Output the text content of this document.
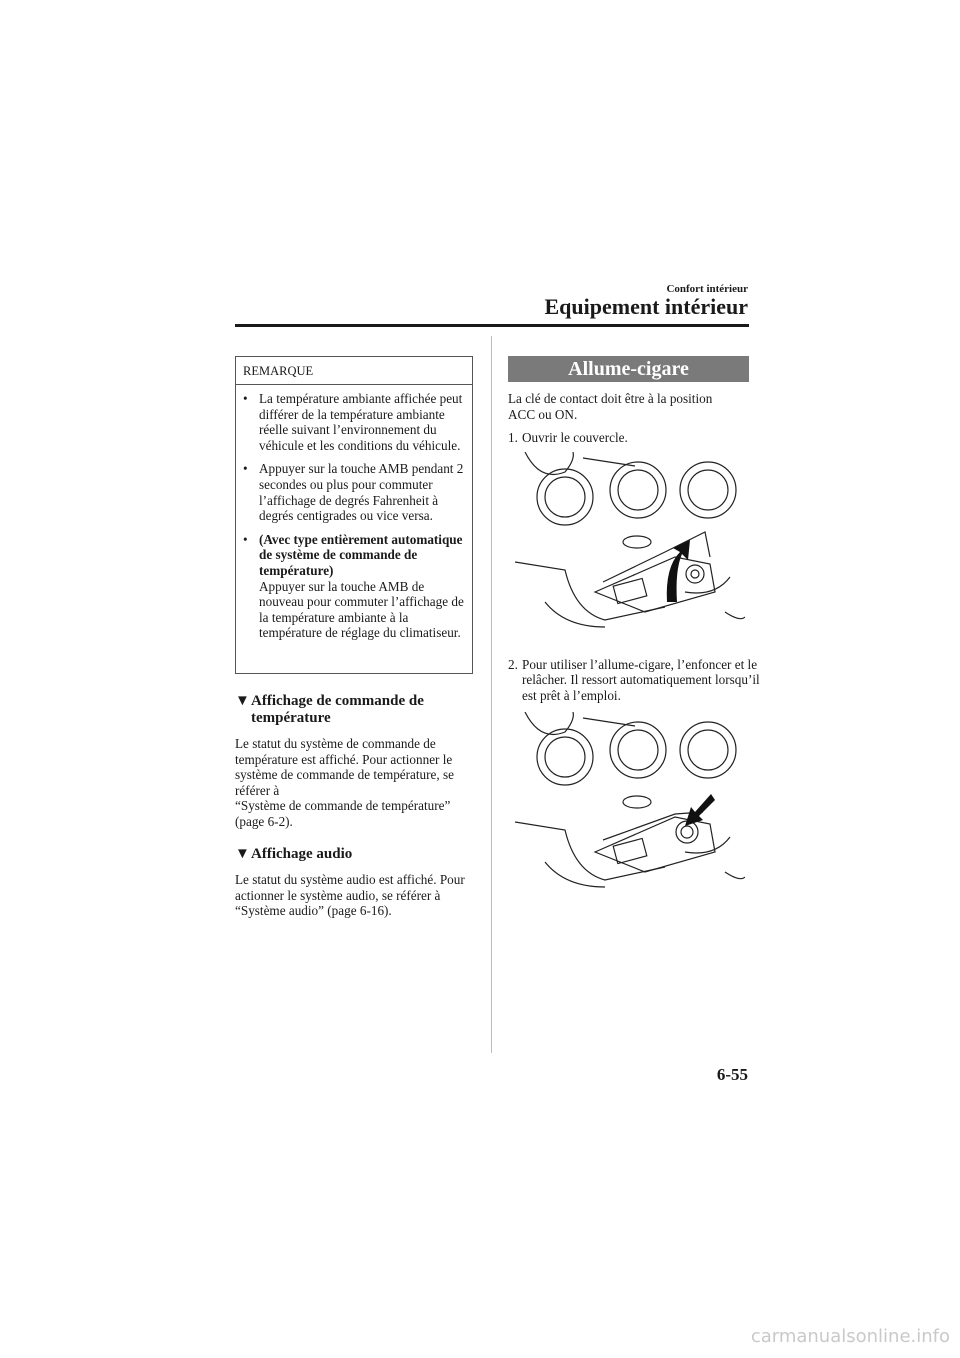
Confort intérieur
Equipement intérieur
REMARQUE
• La température ambiante affichée peut différer de la température ambiante réelle suivant l’environnement du véhicule et les conditions du véhicule.
• Appuyer sur la touche AMB pendant 2 secondes ou plus pour commuter l’affichage de degrés Fahrenheit à degrés centigrades ou vice versa.
• (Avec type entièrement automatique de système de commande de température)
Appuyer sur la touche AMB de nouveau pour commuter l’affichage de la température ambiante à la température de réglage du climatiseur.
▼Affichage de commande de
température
Le statut du système de commande de température est affiché. Pour actionner le système de commande de température, se référer à
“Système de commande de température” (page 6-2).
▼Affichage audio
Le statut du système audio est affiché. Pour actionner le système audio, se référer à “Système audio” (page 6-16).
Allume-cigare
La clé de contact doit être à la position ACC ou ON.
1. Ouvrir le couvercle.
2. Pour utiliser l’allume-cigare, l’enfoncer et le relâcher. Il ressort automatiquement lorsqu’il est prêt à l’emploi.
6-55
carmanualsonline.info
